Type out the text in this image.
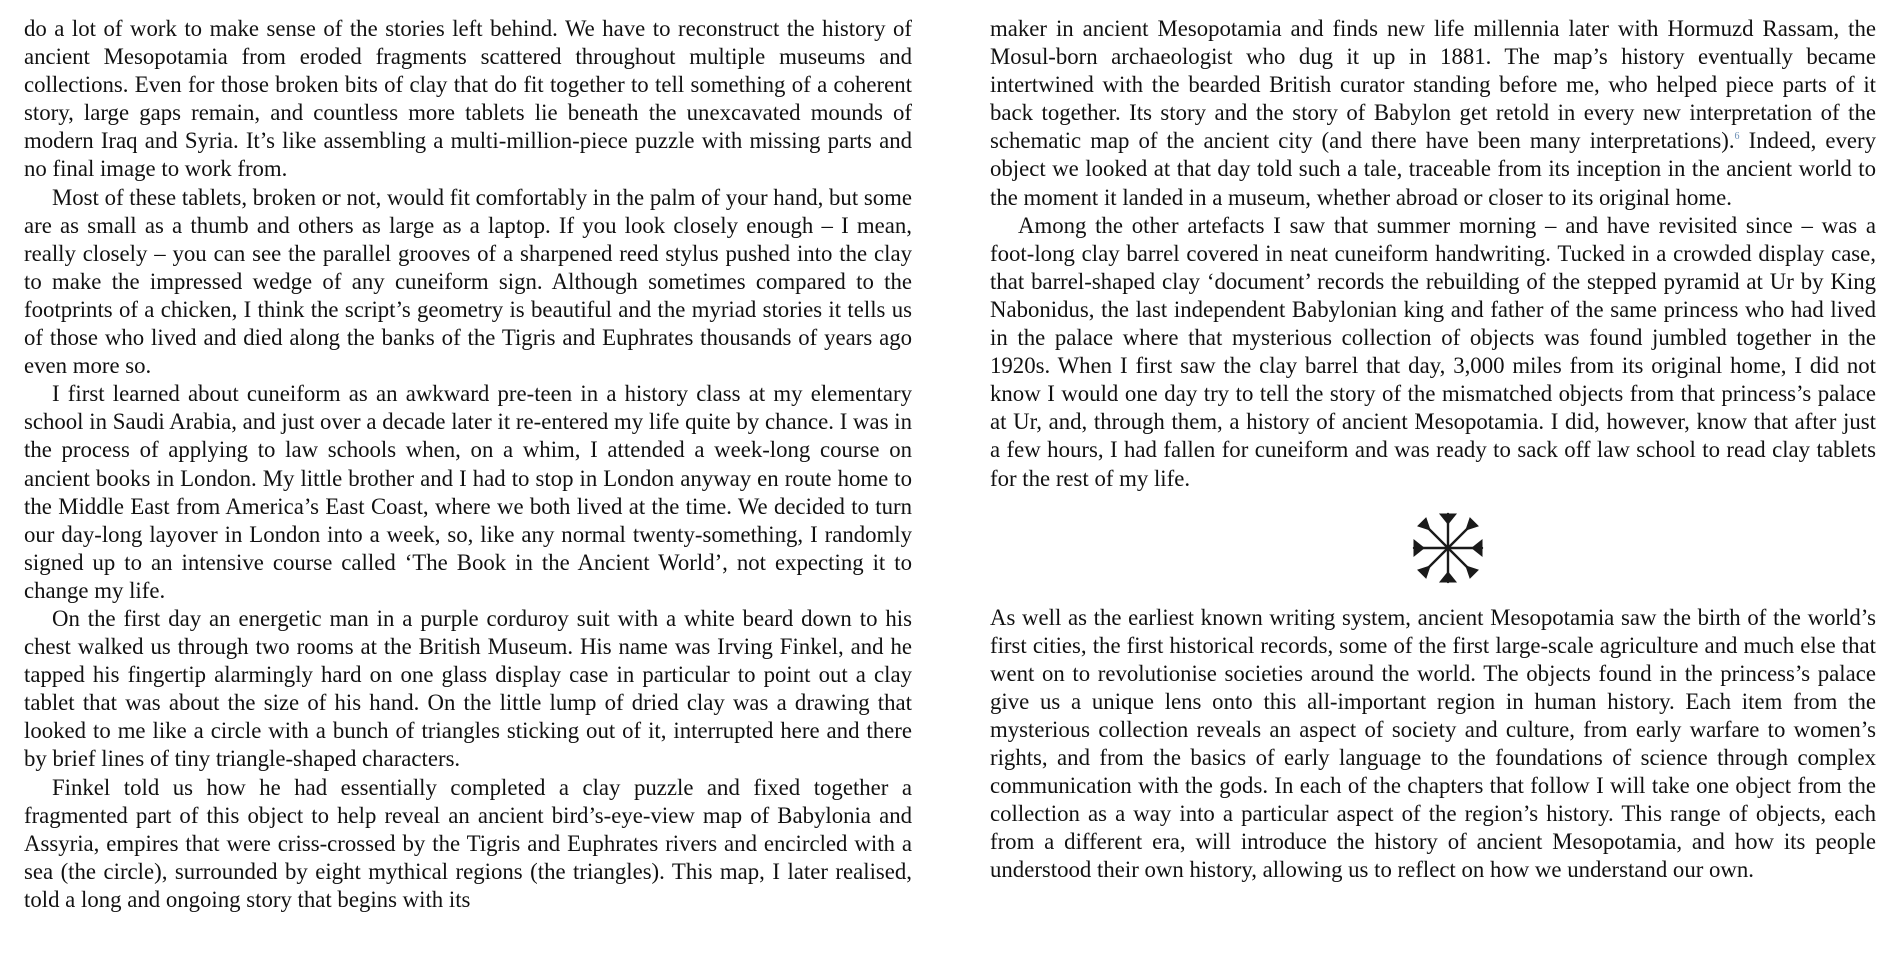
do a lot of work to make sense of the stories left behind. We have to reconstruct the history of ancient Mesopotamia from eroded fragments scattered throughout multiple museums and collections. Even for those broken bits of clay that do fit together to tell something of a coherent story, large gaps remain, and countless more tablets lie beneath the unexcavated mounds of modern Iraq and Syria. It’s like assembling a multi-million-piece puzzle with missing parts and no final image to work from.

Most of these tablets, broken or not, would fit comfortably in the palm of your hand, but some are as small as a thumb and others as large as a laptop. If you look closely enough – I mean, really closely – you can see the parallel grooves of a sharpened reed stylus pushed into the clay to make the impressed wedge of any cuneiform sign. Although sometimes compared to the footprints of a chicken, I think the script’s geometry is beautiful and the myriad stories it tells us of those who lived and died along the banks of the Tigris and Euphrates thousands of years ago even more so.

I first learned about cuneiform as an awkward pre-teen in a history class at my elementary school in Saudi Arabia, and just over a decade later it re-entered my life quite by chance. I was in the process of applying to law schools when, on a whim, I attended a week-long course on ancient books in London. My little brother and I had to stop in London anyway en route home to the Middle East from America’s East Coast, where we both lived at the time. We decided to turn our day-long layover in London into a week, so, like any normal twenty-something, I randomly signed up to an intensive course called ‘The Book in the Ancient World’, not expecting it to change my life.

On the first day an energetic man in a purple corduroy suit with a white beard down to his chest walked us through two rooms at the British Museum. His name was Irving Finkel, and he tapped his fingertip alarmingly hard on one glass display case in particular to point out a clay tablet that was about the size of his hand. On the little lump of dried clay was a drawing that looked to me like a circle with a bunch of triangles sticking out of it, interrupted here and there by brief lines of tiny triangle-shaped characters.

Finkel told us how he had essentially completed a clay puzzle and fixed together a fragmented part of this object to help reveal an ancient bird’s-eye-view map of Babylonia and Assyria, empires that were criss-crossed by the Tigris and Euphrates rivers and encircled with a sea (the circle), surrounded by eight mythical regions (the triangles). This map, I later realised, told a long and ongoing story that begins with its

maker in ancient Mesopotamia and finds new life millennia later with Hormuzd Rassam, the Mosul-born archaeologist who dug it up in 1881. The map’s history eventually became intertwined with the bearded British curator standing before me, who helped piece parts of it back together. Its story and the story of Babylon get retold in every new interpretation of the schematic map of the ancient city (and there have been many interpretations).$^6$ Indeed, every object we looked at that day told such a tale, traceable from its inception in the ancient world to the moment it landed in a museum, whether abroad or closer to its original home.

Among the other artefacts I saw that summer morning – and have revisited since – was a foot-long clay barrel covered in neat cuneiform handwriting. Tucked in a crowded display case, that barrel-shaped clay ‘document’ records the rebuilding of the stepped pyramid at Ur by King Nabonidus, the last independent Babylonian king and father of the same princess who had lived in the palace where that mysterious collection of objects was found jumbled together in the 1920s. When I first saw the clay barrel that day, 3,000 miles from its original home, I did not know I would one day try to tell the story of the mismatched objects from that princess’s palace at Ur, and, through them, a history of ancient Mesopotamia. I did, however, know that after just a few hours, I had fallen for cuneiform and was ready to sack off law school to read clay tablets for the rest of my life.

As well as the earliest known writing system, ancient Mesopotamia saw the birth of the world’s first cities, the first historical records, some of the first large-scale agriculture and much else that went on to revolutionise societies around the world. The objects found in the princess’s palace give us a unique lens onto this all-important region in human history. Each item from the mysterious collection reveals an aspect of society and culture, from early warfare to women’s rights, and from the basics of early language to the foundations of science through complex communication with the gods. In each of the chapters that follow I will take one object from the collection as a way into a particular aspect of the region’s history. This range of objects, each from a different era, will introduce the history of ancient Mesopotamia, and how its people understood their own history, allowing us to reflect on how we understand our own.
